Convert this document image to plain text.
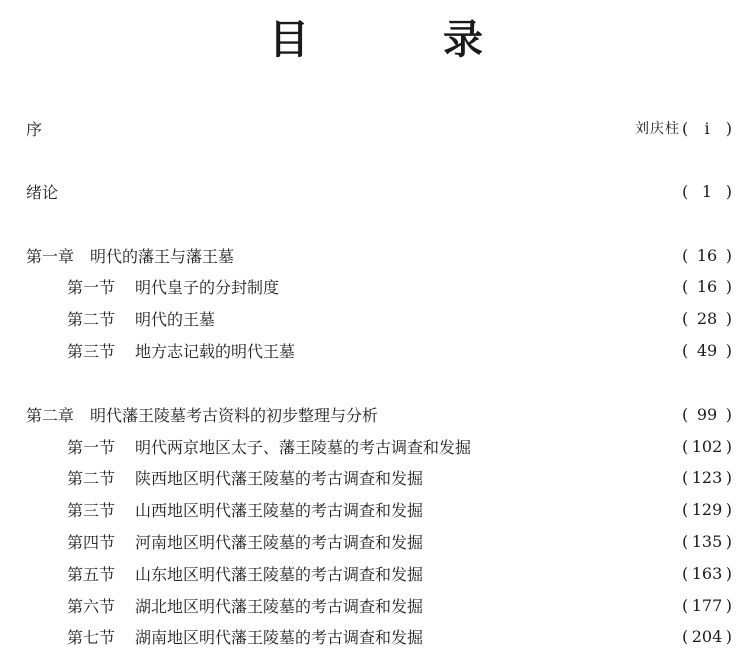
目 录
序	刘庆柱 (	i	)
绪论	( 1 )
第一章　明代的藩王与藩王墓	( 16 )
第一节 明代皇子的分封制度	( 16 )
第二节 明代的王墓	( 28 )
第三节 地方志记载的明代王墓	( 49 )
第二章　明代藩王陵墓考古资料的初步整理与分析	( 99 )
第一节 明代两京地区太子、藩王陵墓的考古调查和发掘	( 102 )
第二节 陕西地区明代藩王陵墓的考古调查和发掘	( 123 )
第三节 山西地区明代藩王陵墓的考古调查和发掘	( 129 )
第四节 河南地区明代藩王陵墓的考古调查和发掘	( 135 )
第五节 山东地区明代藩王陵墓的考古调查和发掘	( 163 )
第六节 湖北地区明代藩王陵墓的考古调查和发掘	( 177 )
第七节 湖南地区明代藩王陵墓的考古调查和发掘	( 204 )
